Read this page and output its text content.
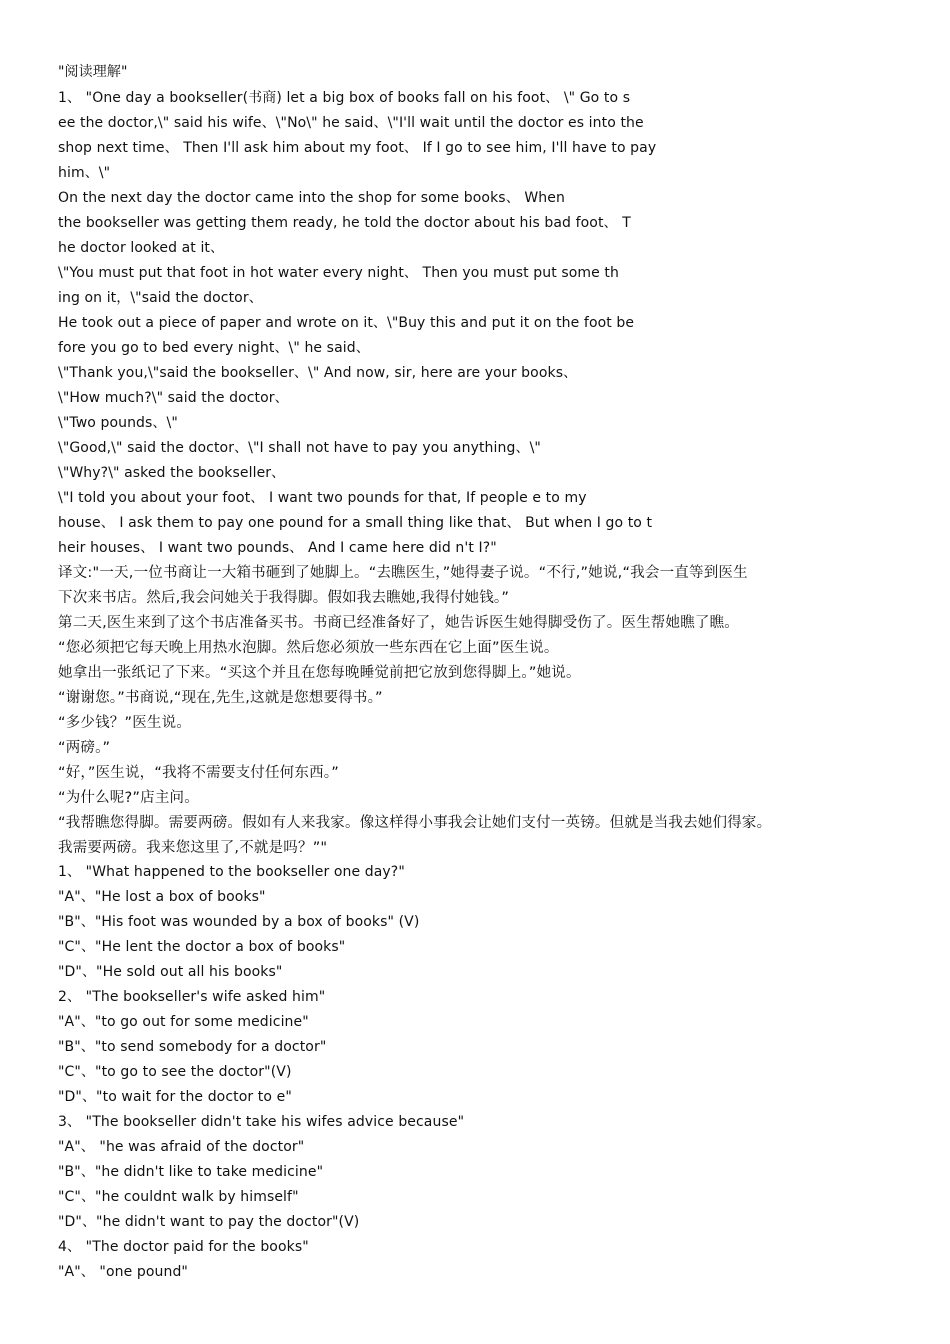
"阅读理解"
1、 "One day a bookseller(书商) let a big box of books fall on his foot、 \" Go to s
ee the doctor,\" said his wife、\"No\" he said、\"I'll wait until the doctor es into the
shop next time、 Then I'll ask him about my foot、 If I go to see him, I'll have to pay
him、\"
On the next day the doctor came into the shop for some books、 When
the bookseller was getting them ready, he told the doctor about his bad foot、 T
he doctor looked at it、
\"You must put that foot in hot water every night、 Then you must put some th
ing on it，\"said the doctor、
He took out a piece of paper and wrote on it、\"Buy this and put it on the foot be
fore you go to bed every night、\" he said、
\"Thank you,\"said the bookseller、\" And now, sir, here are your books、
\"How much?\" said the doctor、
\"Two pounds、\"
\"Good,\" said the doctor、\"I shall not have to pay you anything、\"
\"Why?\" asked the bookseller、
\"I told you about your foot、 I want two pounds for that, If people e to my
house、 I ask them to pay one pound for a small thing like that、 But when I go to t
heir houses、 I want two pounds、 And I came here did n't I?"
译文:"一天,一位书商让一大箱书砸到了她脚上。“去瞧医生，”她得妻子说。“不行,”她说,“我会一直等到医生
下次来书店。然后,我会问她关于我得脚。假如我去瞧她,我得付她钱。”
第二天,医生来到了这个书店准备买书。书商已经准备好了，她告诉医生她得脚受伤了。医生帮她瞧了瞧。
“您必须把它每天晚上用热水泡脚。然后您必须放一些东西在它上面”医生说。
她拿出一张纸记了下来。“买这个并且在您每晚睡觉前把它放到您得脚上。”她说。
“谢谢您。”书商说,“现在,先生,这就是您想要得书。”
“多少钱？”医生说。
“两磅。”
“好，”医生说，“我将不需要支付任何东西。”
“为什么呢?”店主问。
“我帮瞧您得脚。需要两磅。假如有人来我家。像这样得小事我会让她们支付一英镑。但就是当我去她们得家。
我需要两磅。我来您这里了,不就是吗？”"
1、 "What happened to the bookseller one day?"
"A"、"He lost a box of books"
"B"、"His foot was wounded by a box of books" (V)
"C"、"He lent the doctor a box of books"
"D"、"He sold out all his books"
2、 "The bookseller's wife asked him"
"A"、"to go out for some medicine"
"B"、"to send somebody for a doctor"
"C"、"to go to see the doctor"(V)
"D"、"to wait for the doctor to e"
3、 "The bookseller didn't take his wifes advice because"
"A"、 "he was afraid of the doctor"
"B"、"he didn't like to take medicine"
"C"、"he couldnt walk by himself"
"D"、"he didn't want to pay the doctor"(V)
4、 "The doctor paid for the books"
"A"、 "one pound"
